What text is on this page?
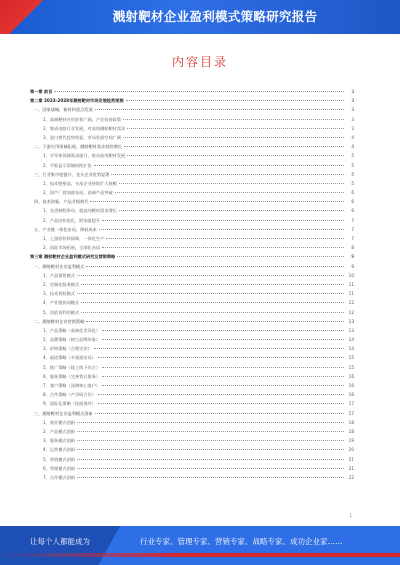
溅射靶材企业盈利模式策略研究报告
内容目录
第一章 前言	3
第二章 2023-2028年溅射靶材市场发展趋势预测	3
一、国家战略，新材料重点发展	3
1、高端靶材应用前景广阔，产业扶持政策	3
2、集成电路行业发展，对高纯溅射靶材需求	3
3、进口替代趋势明显，市场发展空间广阔	4
二、下游应用领域拓展，溅射靶材需求持续增长	4
1、半导体领域需求提升，推动高纯靶材发展	5
2、平板显示领域持续扩张	5
三、行业集中度提升，龙头企业优势显著	5
1、技术壁垒高，头部企业持续扩大规模	5
2、国产厂商加速布局，高端产品突破	6
四、技术创新，产品升级换代	6
1、先进制程带动，超高纯靶材需求增长	6
2、产品结构优化，附加值提升	7
五、产业链一体化布局，降低成本	7
1、上游原材料保障，一体化生产	7
2、国际市场拓展，全球化布局	8
第三章 溅射靶材企业盈利模式研究及营销策略	9
一、溅射靶材企业盈利模式	9
1、产品销售模式	10
2、定制化服务模式	11
3、技术授权模式	11
4、产业链协同模式	12
5、回收再利用模式	12
二、溅射靶材企业营销策略	13
1、产品策略（高端化差异化）	13
2、品牌策略（树立品牌形象）	14
3、价格策略（合理定价）	14
4、渠道策略（多渠道布局）	15
5、推广策略（线上线下结合）	15
6、服务策略（完善售后服务）	16
7、客户策略（深耕核心客户）	16
8、合作策略（产学研合作）	16
9、国际化策略（拓展海外）	17
三、溅射靶材企业盈利模式创新	17
1、商业模式创新	18
2、产品模式创新	18
3、服务模式创新	19
4、运营模式创新	20
5、营销模式创新	21
6、管理模式创新	21
7、合作模式创新	22
1
让每个人都能成为	行业专家、管理专家、营销专家、战略专家、成功企业家……
